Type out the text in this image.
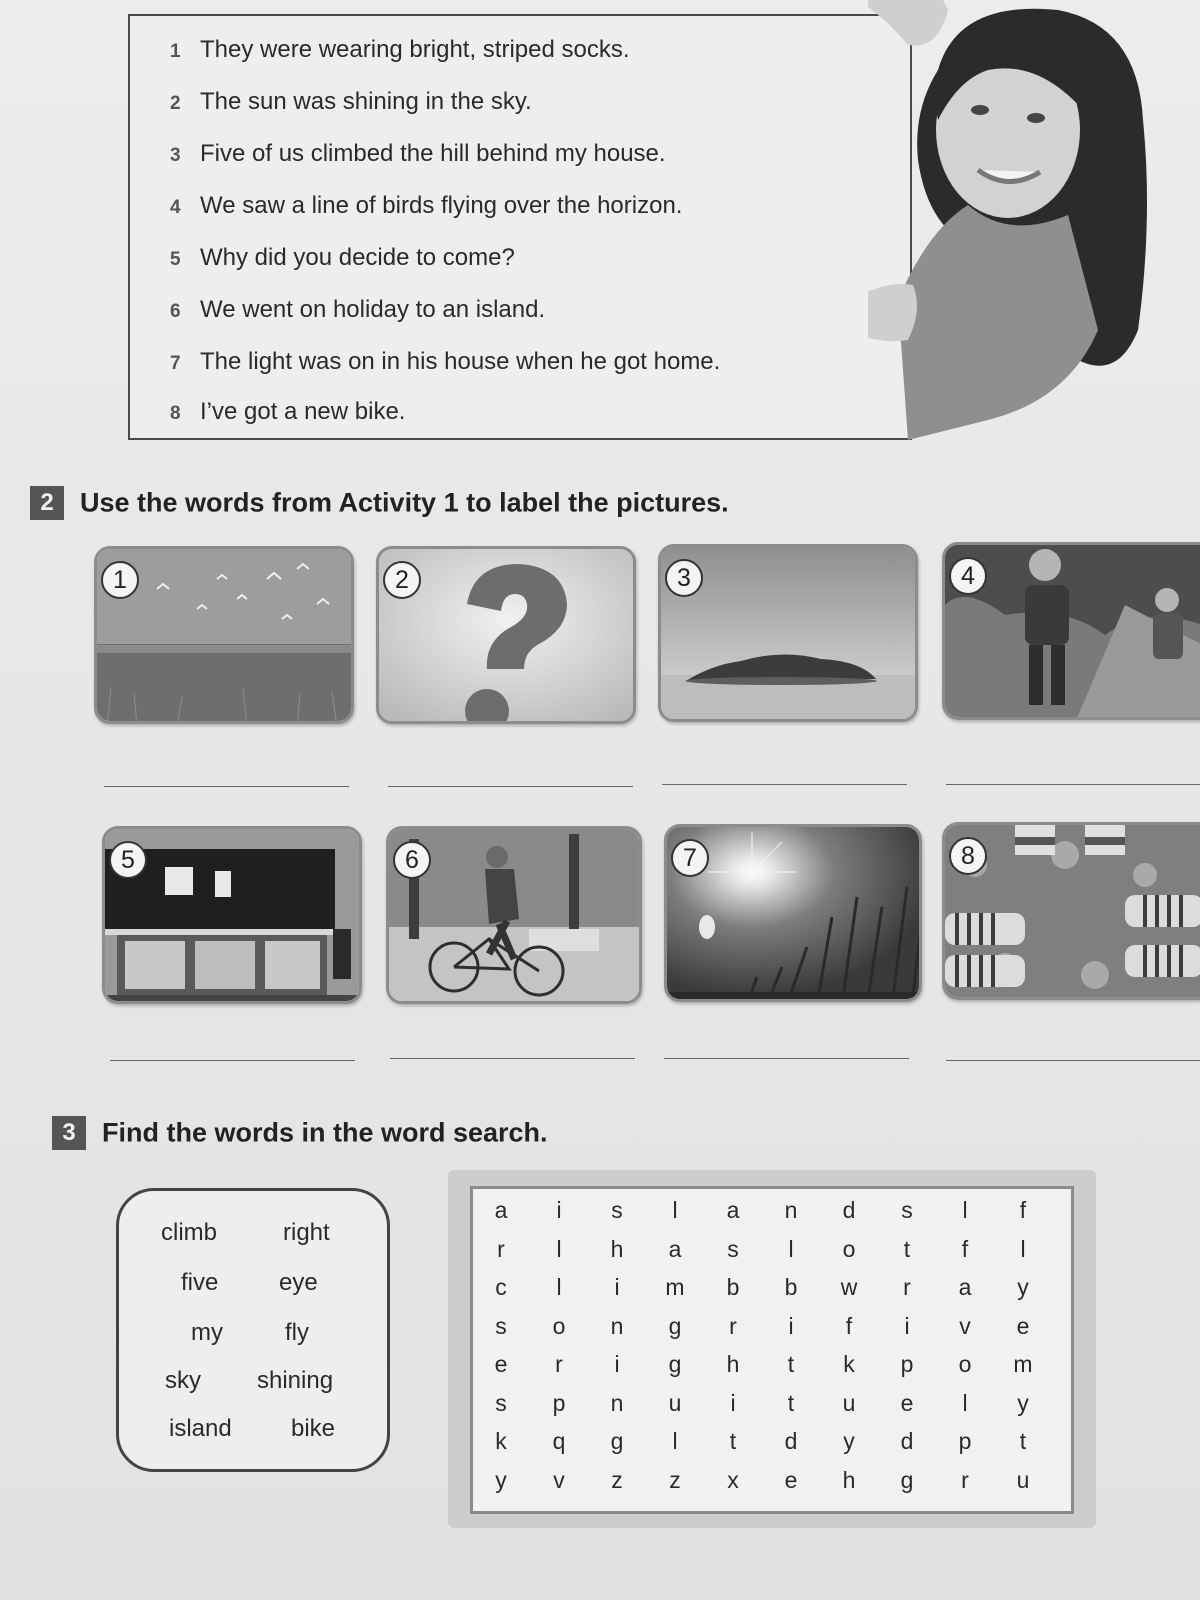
1 They were wearing bright, striped socks.
2 The sun was shining in the sky.
3 Five of us climbed the hill behind my house.
4 We saw a line of birds flying over the horizon.
5 Why did you decide to come?
6 We went on holiday to an island.
7 The light was on in his house when he got home.
8 I’ve got a new bike.
2 Use the words from Activity 1 to label the pictures.
1	2	3	4
5	6	7	8
3 Find the words in the word search.
climb	right
five	eye
my	fly
sky shining
island bike
a	i	s	l	a	n	d	s	l	f
r	l	h	a	s	l	o	t	f	l
c	l	i	m	b	b	w	r	a	y
s	o	n	g	r	i	f	i	v	e
e	r	i	g	h	t	k	p	o	m
s	p	n	u	i	t	u	e	l	y
k	q	g	l	t	d	y	d	p	t
y	v	z	z	x	e	h	g	r	u
